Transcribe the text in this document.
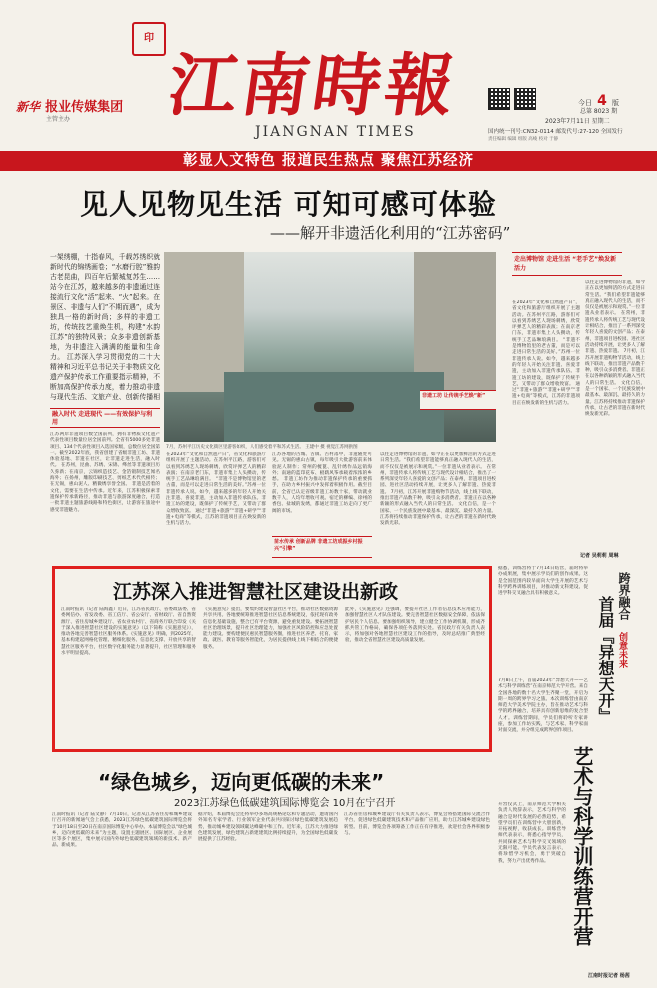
新华 报业传媒集团
主管主办
印
江南時報
JIANGNAN TIMES
今日 4 版
总第 8023 期
2023年7月11日 星期二
国内统一刊号:CN32-0114 邮发代号:27-120 全国发行
责任编辑 编辑 组版 高峻 校对 于静
彰显人文特色 报道民生热点 聚焦江苏经济
见人见物见生活 可知可感可体验
——解开非遗活化利用的“江苏密码”
一架绣棚，十指春风，千载苏绣织就新时代的锦绣画卷；“水磨行腔”雅韵古老昆曲，四百年后繁城复苏生…… 站今在江苏，越来越多的非遗通过连接流行文化“活”起来、“火”起来。在景区、非遗与人们“不期而遇”，成为独具一格的新时尚；多样的非遗工坊，传统技艺重焕生机，构建“水韵江苏”的独特风景；众多非遗创新基地，为非遗注入满满的能量和生命力。 江苏深入学习贯彻党的二十大精神和习近平总书记关于非物质文化遗产保护传承工作重要指示精神，不断加高保护传承力度，着力推动非遗与现代生活、文旅产业、创新传播相
7月，苏州平江历史文化街区里游客如织，人们感受着平和苏式生活。 王建中 摄 视觉江苏网供图
融入时代 走进现代 ——有效保护与利用
走出博物馆 走进生活 “老手艺”焕发新活力
以往走进博物馆的非遗，如今正在以更加鲜活的方式走进日常生活。“我们希望非遗能够真正融入现代人的生活，而不仅仅是被展示和观赏。”一位非遗从业者表示。 在常州，非遗传承人将传统工艺与现代设计相结合，推出了一系列深受年轻人喜爱的文创产品；在泰州，非遗项目进校园、进社区活动持续开展，让更多人了解非遗、热爱非遗。 7月初，江苏开展非遗购物节活动，线上线下联动，推出非遗产品数千种，吸引众多消费者。非遗正在以各种新颖的形式融入当代人的日常生活。 文化自信，是一个国家、一个民族发展中最基本、最深沉、最持久的力量。江苏将持续推动非遗保护传承，让古老的非遗在新时代焕发新光彩。
在2023年“文化和自然遗产日”，省文化和旅游厅组织开展了主题活动。在苏州平江路，游客们可以看到苏绣艺人现场刺绣，欣赏评弹艺人的精彩表演；在南京老门东，非遗市集上人头攒动，传统手工艺品琳琅满目。 “非遗不是博物馆里的老古董，而是可以走进日常生活的美好。”苏州一位非遗传承人说。如今，越来越多的年轻人开始关注非遗、喜爱非遗，主动加入非遗传承队伍。非遗工坊的建设，既保护了传统手艺，又带动了群众增收致富。 通过“非遗+旅游”“非遗+研学”“非遗+电商”等模式，江苏的非遗项目正在焕发新的生机与活力。
江苏两岸非遗项目数全国前列，拥有非物质文化遗产代表性项目数量位居全国前列。全省有5000多处非遗项目、134个代表性项目入选国家级，总数位居全国第一。截至2022年底，我省创建了省级非遗工坊、非遗体验基地、非遗在社区，让非遗走进生活，融入时代。 在苏州，昆曲、苏绣、宋锦、缂丝等非遗项目历久弥新；在南京，云锦织造技艺、金箔锻制技艺闻名海外；在扬州，雕版印刷技艺、剪纸艺术代代相传；在无锡，惠山泥人、精微绣享誉全国。 非遗是活着的文化，需要在生活中传承。近年来，江苏积极探索非遗保护传承新路径，推动非遗与旅游深度融合，打造一批非遗主题旅游线路和特色街区，让游客在旅途中感受非遗魅力。
在2023年“文化和自然遗产日”，省文化和旅游厅组织开展了主题活动。在苏州平江路，游客们可以看到苏绣艺人现场刺绣，欣赏评弹艺人的精彩表演；在南京老门东，非遗市集上人头攒动，传统手工艺品琳琅满目。 “非遗不是博物馆里的老古董，而是可以走进日常生活的美好。”苏州一位非遗传承人说。如今，越来越多的年轻人开始关注非遗、喜爱非遗，主动加入非遗传承队伍。非遗工坊的建设，既保护了传统手艺，又带动了群众增收致富。 通过“非遗+旅游”“非遗+研学”“非遗+电商”等模式，江苏的非遗项目正在焕发新的生机与活力。
江苏各地的古城、古镇、古村落中，非遗随处可见。无锡的惠山古镇，每年吸引大批游客前来体验泥人制作；常州的梳篦、乱针绣作品远销海外；南通的蓝印花布、板鹞风筝承载着浓浓的乡愁。 非遗工坊作为推动非遗保护传承的重要抓手，在助力乡村振兴中发挥着积极作用。截至目前，全省已认定省级非遗工坊数十家，带动就业数千人，人均年增收可观。宿迁的柳编、徐州的香包、盐城的发绣，都通过非遗工坊走向了更广阔的市场。
以往走进博物馆的非遗，如今正在以更加鲜活的方式走进日常生活。“我们希望非遗能够真正融入现代人的生活，而不仅仅是被展示和观赏。”一位非遗从业者表示。 在常州，非遗传承人将传统工艺与现代设计相结合，推出了一系列深受年轻人喜爱的文创产品；在泰州，非遗项目进校园、进社区活动持续开展，让更多人了解非遗、热爱非遗。 7月初，江苏开展非遗购物节活动，线上线下联动，推出非遗产品数千种，吸引众多消费者。非遗正在以各种新颖的形式融入当代人的日常生活。 文化自信，是一个国家、一个民族发展中最基本、最深沉、最持久的力量。江苏将持续推动非遗保护传承，让古老的非遗在新时代焕发新光彩。
非遗工坊 让传统手艺焕“新”
苗水传承 创新品牌 非遗工坊成振乡村振兴“引擎”
记者 吴莉莉 周琳
江苏深入推进智慧社区建设出新政
江南时报讯（记者 陆海鑫）近日，江苏省民政厅、省委政法委、省委网信办、省发改委、省工信厅、省公安厅、省财政厅、省自然资源厅、省住房城乡建设厅、省农业农村厅、省商务厅联合印发《关于深入推进智慧社区建设的实施意见》（以下简称《实施意见》），推动各地完善智慧社区服务体系。《实施意见》明确，到2025年，基本构建起网格化管理、精细化服务、信息化支撑、开放共享的智慧社区服务平台，社区数字化服务能力显著提升，社区管理和服务水平明显提高。
《实施意见》提出，要集约建设智慧社区平台，推动社区数据资源共享共用。各地要统筹推进智慧社区信息系统建设，依托现有政务信息化基础设施，整合已有平台资源，避免重复建设。要拓展智慧社区治理场景，提升社区治理能力，加强社区风险防控和应急处置能力建设。要构建便民惠民智慧服务圈，推进社区养老、托育、家政、就医、教育等服务智能化，为居民提供线上线下相结合的便捷服务。
此外，《实施意见》还强调，要提升社区工作者信息技术应用能力，加强智慧社区人才队伍建设。要完善智慧社区数据安全保障，依法保护居民个人信息。要加强组织领导，建立健全工作协调机制，形成齐抓共管工作格局，确保各项任务落到实处。省民政厅有关负责人表示，将加强对各地智慧社区建设工作的指导，及时总结推广典型经验，推动全省智慧社区建设高质量发展。
“绿色城乡，迈向更低碳的未来”
2023江苏绿色低碳建筑国际博览会 10月在宁召开
江南时报讯（记者 陆文静）7月10日，记者从江苏省住房和城乡建设厅召开的新闻通气会上获悉，2023江苏绿色低碳建筑国际博览会将于10月18日至20日在南京国际博览中心举办。本届博览会以“绿色城乡，迈向更低碳的未来”为主题，设置主题展区、国际展区、企业展区等多个展区，集中展示国内外绿色低碳建筑领域的新技术、新产品、新成果。
据介绍，本届博览会还将举办多场高规格论坛和专题活动，邀请国内外知名专家学者、行业领军企业代表共同探讨绿色低碳建筑发展趋势，推动城乡建设领域碳达峰碳中和工作。近年来，江苏大力推进绿色建筑发展，绿色建筑占新建建筑比例持续提升，为全国绿色低碳发展提供了江苏经验。
江苏省住房和城乡建设厅有关负责人表示，博览会将搭建国际交流合作平台，促进绿色低碳建筑技术和产品推广应用，助力江苏城乡建设绿色转型。目前，博览会各项筹备工作正在有序推进，欢迎社会各界积极参与。
跨界融合
创意未来
首届『异想天开』
艺术与科学训练营开营
7月8日上午，首届2023年“异想天开——艺术与科学训练营”在南京师范大学开营。来自全国各地的数十名大学生齐聚一堂，开启为期一周的跨界学习之旅。本次训练营由南京师范大学美术学院主办，旨在推动艺术与科学的跨界融合，培养具有创新思维的复合型人才。训练营期间，学员们将聆听专家讲座，参加工作坊实践，与艺术家、科学家面对面交流，并分组完成跨界创作项目。
开营仪式上，南京师范大学相关负责人致辞表示，艺术与科学的融合是时代发展的必然趋势，希望学员们在训练营中大胆创新，开拓视野，收获成长。训练营导师代表表示，将悉心指导学员，共同探索艺术与科学交叉领域的无限可能。学员代表发言表示，将珍惜学习机会，勇于突破自我，努力产出优秀作品。
据悉，训练营将于7月14日结营，届时将举办成果展，集中展示学员们的创作成果。这是全国范围内较早面向大学生开展的艺术与科学跨界训练项目，对推动新文科建设、促进学科交叉融合具有积极意义。
江南时报记者 杨茜
